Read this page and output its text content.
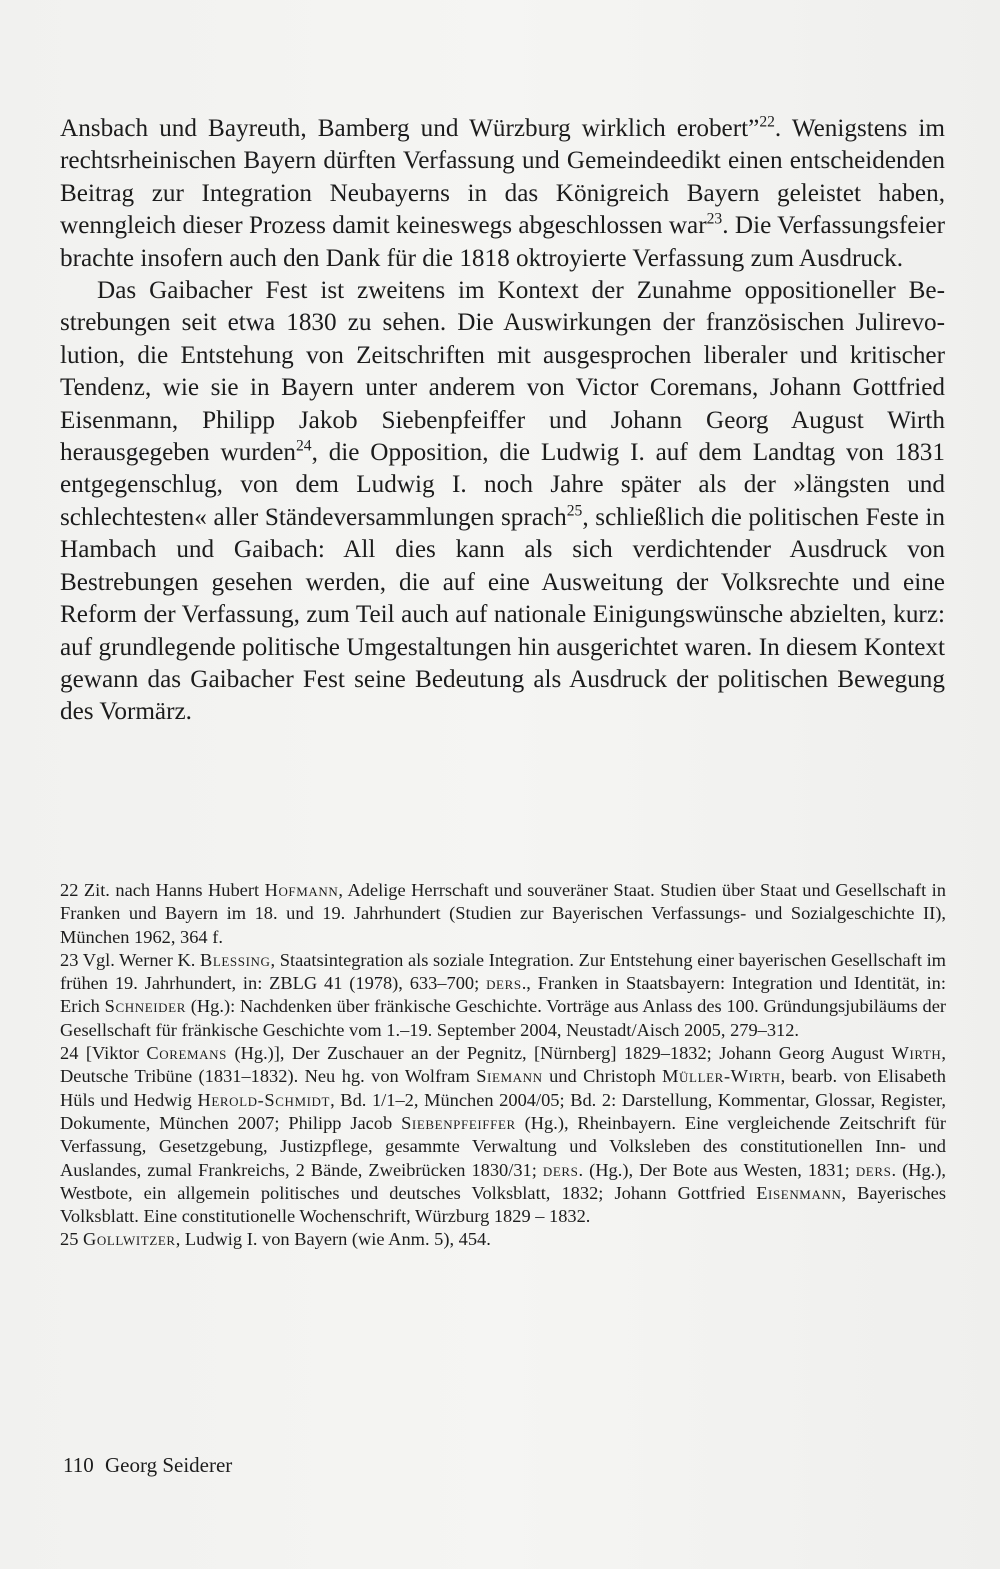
Ansbach und Bayreuth, Bamberg und Würzburg wirklich erobert”$^{22}$. Wenigstens im rechtsrheinischen Bayern dürften Verfassung und Gemeindeedikt einen entscheidenden Beitrag zur Integration Neubayerns in das Königreich Bayern geleistet haben, wenngleich dieser Prozess damit keineswegs abgeschlossen war$^{23}$. Die Verfassungsfeier brachte insofern auch den Dank für die 1818 oktroyierte Verfassung zum Ausdruck.

Das Gaibacher Fest ist zweitens im Kontext der Zunahme oppositioneller Bestrebungen seit etwa 1830 zu sehen. Die Auswirkungen der französischen Julirevolution, die Entstehung von Zeitschriften mit ausgesprochen liberaler und kritischer Tendenz, wie sie in Bayern unter anderem von Victor Coremans, Johann Gottfried Eisenmann, Philipp Jakob Siebenpfeiffer und Johann Georg August Wirth herausgegeben wurden$^{24}$, die Opposition, die Ludwig I. auf dem Landtag von 1831 entgegenschlug, von dem Ludwig I. noch Jahre später als der »längsten und schlechtesten« aller Ständeversammlungen sprach$^{25}$, schließlich die politischen Feste in Hambach und Gaibach: All dies kann als sich verdichtender Ausdruck von Bestrebungen gesehen werden, die auf eine Ausweitung der Volksrechte und eine Reform der Verfassung, zum Teil auch auf nationale Einigungswünsche abzielten, kurz: auf grundlegende politische Umgestaltungen hin ausgerichtet waren. In diesem Kontext gewann das Gaibacher Fest seine Bedeutung als Ausdruck der politischen Bewegung des Vormärz.

22 Zit. nach Hanns Hubert Hofmann, Adelige Herrschaft und souveräner Staat. Studien über Staat und Gesellschaft in Franken und Bayern im 18. und 19. Jahrhundert (Studien zur Bayerischen Verfassungs- und Sozialgeschichte II), München 1962, 364 f.

23 Vgl. Werner K. Blessing, Staatsintegration als soziale Integration. Zur Entstehung einer bayerischen Gesellschaft im frühen 19. Jahrhundert, in: ZBLG 41 (1978), 633–700; ders., Franken in Staatsbayern: Integration und Identität, in: Erich Schneider (Hg.): Nachdenken über fränkische Geschichte. Vorträge aus Anlass des 100. Gründungsjubiläums der Gesellschaft für fränkische Geschichte vom 1.–19. September 2004, Neustadt/Aisch 2005, 279–312.

24 [Viktor Coremans (Hg.)], Der Zuschauer an der Pegnitz, [Nürnberg] 1829–1832; Johann Georg August Wirth, Deutsche Tribüne (1831–1832). Neu hg. von Wolfram Siemann und Christoph Müller-Wirth, bearb. von Elisabeth Hüls und Hedwig Herold-Schmidt, Bd. 1/1–2, München 2004/05; Bd. 2: Darstellung, Kommentar, Glossar, Register, Dokumente, München 2007; Philipp Jacob Siebenpfeiffer (Hg.), Rheinbayern. Eine vergleichende Zeitschrift für Verfassung, Gesetzgebung, Justizpflege, gesammte Verwaltung und Volksleben des constitutionellen Inn- und Auslandes, zumal Frankreichs, 2 Bände, Zweibrücken 1830/31; ders. (Hg.), Der Bote aus Westen, 1831; ders. (Hg.), Westbote, ein allgemein politisches und deutsches Volksblatt, 1832; Johann Gottfried Eisenmann, Bayerisches Volksblatt. Eine constitutionelle Wochenschrift, Würzburg 1829 – 1832.

25 Gollwitzer, Ludwig I. von Bayern (wie Anm. 5), 454.

110 Georg Seiderer
